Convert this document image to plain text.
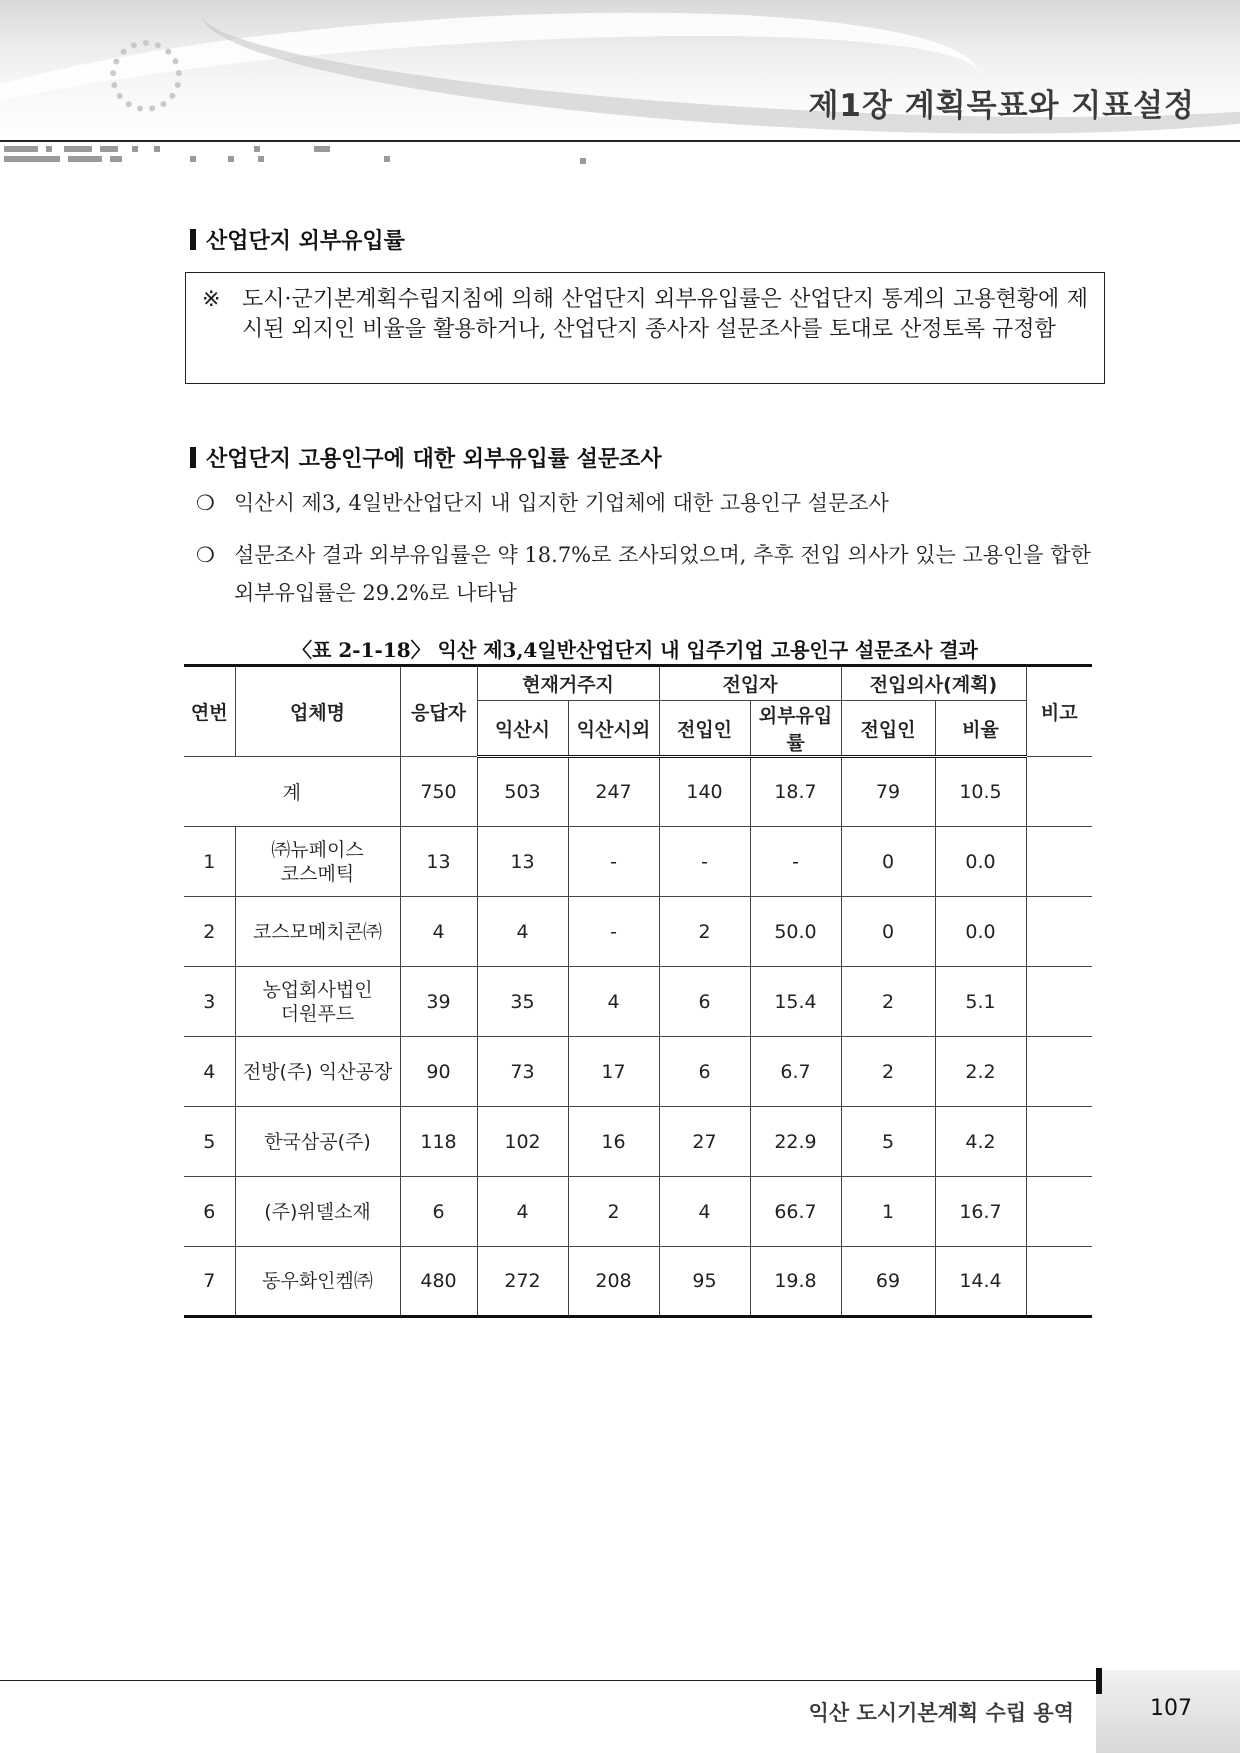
제1장 계획목표와 지표설정
산업단지 외부유입률
※ 도시·군기본계획수립지침에 의해 산업단지 외부유입률은 산업단지 통계의 고용현황에 제시된 외지인 비율을 활용하거나, 산업단지 종사자 설문조사를 토대로 산정토록 규정함
산업단지 고용인구에 대한 외부유입률 설문조사
❍ 익산시 제3, 4일반산업단지 내 입지한 기업체에 대한 고용인구 설문조사
❍ 설문조사 결과 외부유입률은 약 18.7%로 조사되었으며, 추후 전입 의사가 있는 고용인을 합한 외부유입률은 29.2%로 나타남
〈표 2-1-18〉 익산 제3,4일반산업단지 내 입주기업 고용인구 설문조사 결과
연번	업체명	응답자	현재거주지		전입자		전입의사(계획)		비고
			익산시	익산시외	전입인	외부유입률	전입인	비율	
계		750	503	247	140	18.7	79	10.5	
1	㈜뉴페이스
코스메틱	13	13	-	-	-	0	0.0	
2	코스모메치콘㈜	4	4	-	2	50.0	0	0.0	
3	농업회사법인
더원푸드	39	35	4	6	15.4	2	5.1	
4	전방(주) 익산공장	90	73	17	6	6.7	2	2.2	
5	한국삼공(주)	118	102	16	27	22.9	5	4.2	
6	(주)위델소재	6	4	2	4	66.7	1	16.7	
7	동우화인켐㈜	480	272	208	95	19.8	69	14.4	
익산 도시기본계획 수립 용역	107
